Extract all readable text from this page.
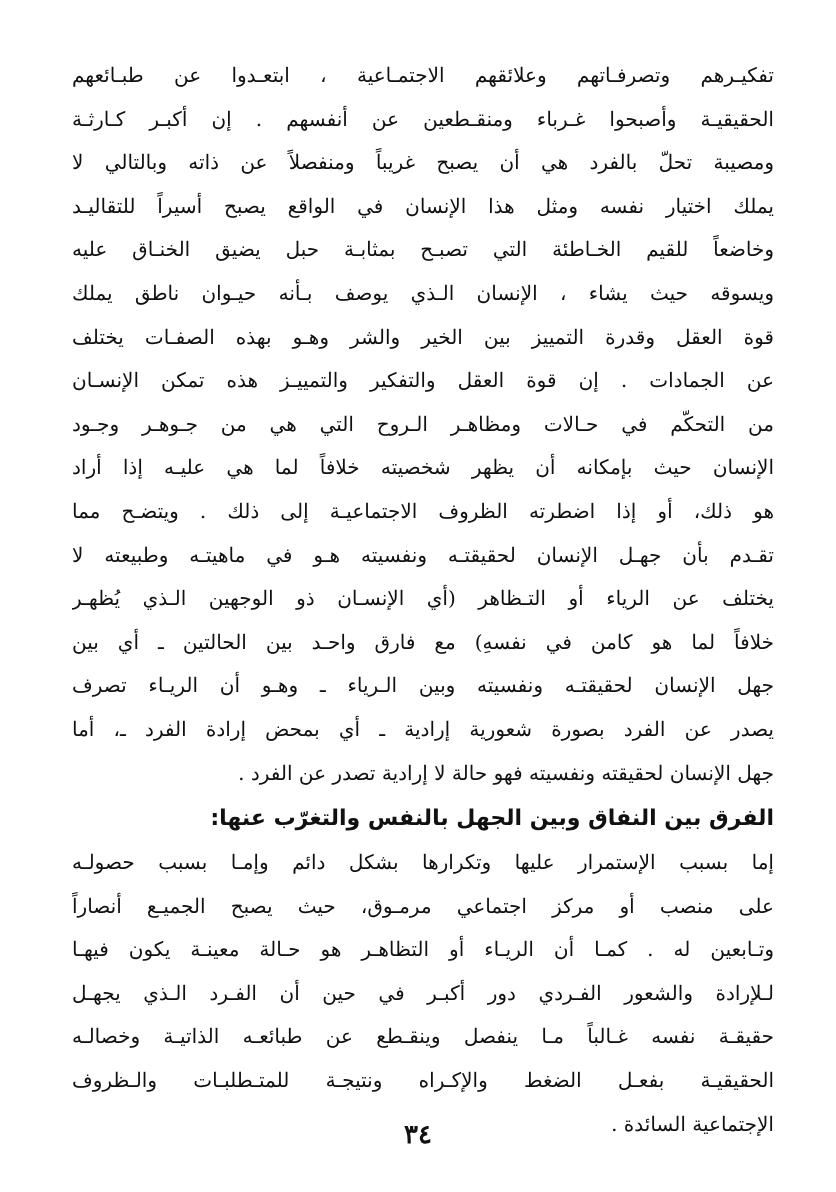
تفكيـرهم وتصرفـاتهم وعلائقهم الاجتمـاعية ، ابتعـدوا عن طبـائعهم
الحقيقيـة وأصبحوا غـرباء ومنقـطعين عن أنفسهم . إن أكبـر كـارثـة
ومصيبة تحلّ بالفرد هي أن يصبح غريباً ومنفصلاً عن ذاته وبالتالي لا
يملك اختيار نفسه ومثل هذا الإنسان في الواقع يصبح أسيراً للتقاليـد
وخاضعاً للقيم الخـاطئة التي تصبـح بمثابـة حبل يضيق الخنـاق عليه
ويسوقه حيث يشاء ، الإنسان الـذي يوصف بـأنه حيـوان ناطق يملك
قوة العقل وقدرة التمييز بين الخير والشر وهـو بهذه الصفـات يختلف
عن الجمادات . إن قوة العقل والتفكير والتمييـز هذه تمكن الإنسـان
من التحكّم في حـالات ومظاهـر الـروح التي هي من جـوهـر وجـود
الإنسان حيث بإمكانه أن يظهر شخصيته خلافاً لما هي عليـه إذا أراد
هو ذلك، أو إذا اضطرته الظروف الاجتماعيـة إلى ذلك . ويتضـح مما
تقـدم بأن جهـل الإنسان لحقيقتـه ونفسيته هـو في ماهيتـه وطبيعته لا
يختلف عن الرياء أو التـظاهر (أي الإنسـان ذو الوجهين الـذي يُظهـر
خلافاً لما هو كامن في نفسهِ) مع فارق واحـد بين الحالتين ـ أي بين
جهل الإنسان لحقيقتـه ونفسيته وبين الـرياء ـ وهـو أن الريـاء تصرف
يصدر عن الفرد بصورة شعورية إرادية ـ أي بمحض إرادة الفرد ـ، أما
جهل الإنسان لحقيقته ونفسيته فهو حالة لا إرادية تصدر عن الفرد .
الفرق بين النفاق وبين الجهل بالنفس والتغرّب عنها:
إما بسبب الإستمرار عليها وتكرارها بشكل دائم وإمـا بسبب حصولـه
على منصب أو مركز اجتماعي مرمـوق، حيث يصبح الجميـع أنصاراً
وتـابعين له . كمـا أن الريـاء أو التظاهـر هو حـالة معينـة يكون فيهـا
لـلإرادة والشعور الفـردي دور أكبـر في حين أن الفـرد الـذي يجهـل
حقيقـة نفسه غـالباً مـا ينفصل وينقـطع عن طبائعـه الذاتيـة وخصالـه
الحقيقيـة بفعـل الضغط والإكـراه ونتيجـة للمتـطلبـات والـظروف
الإجتماعية السائدة .
٣٤
